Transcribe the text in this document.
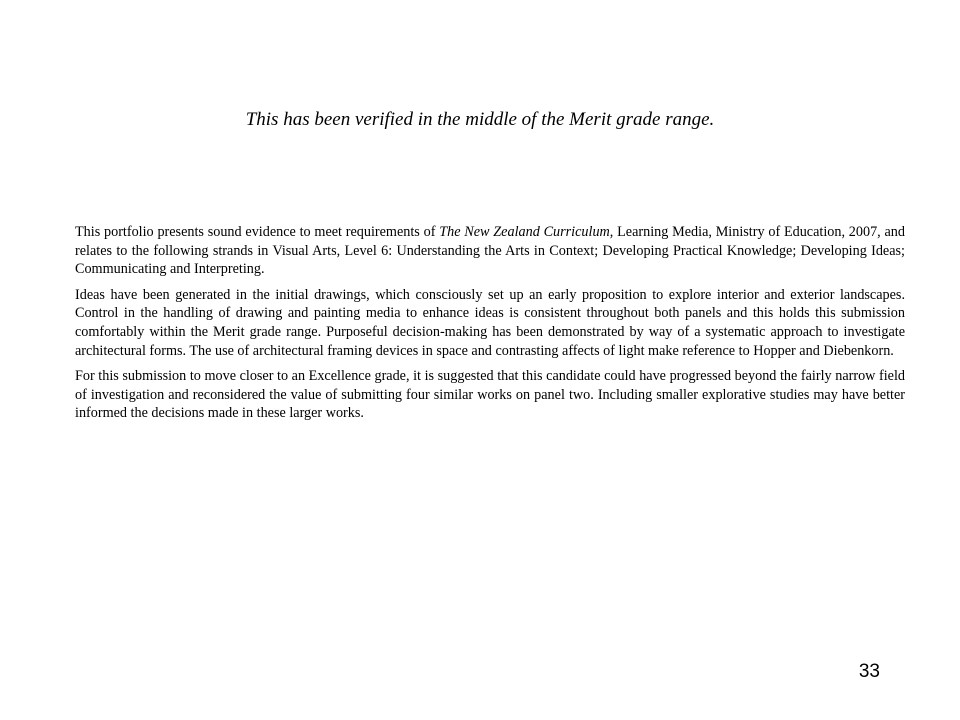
This has been verified in the middle of the Merit grade range.

This portfolio presents sound evidence to meet requirements of The New Zealand Curriculum, Learning Media, Ministry of Education, 2007, and relates to the following strands in Visual Arts, Level 6: Understanding the Arts in Context; Developing Practical Knowledge; Developing Ideas; Communicating and Interpreting.

Ideas have been generated in the initial drawings, which consciously set up an early proposition to explore interior and exterior landscapes. Control in the handling of drawing and painting media to enhance ideas is consistent throughout both panels and this holds this submission comfortably within the Merit grade range. Purposeful decision-making has been demonstrated by way of a systematic approach to investigate architectural forms. The use of architectural framing devices in space and contrasting affects of light make reference to Hopper and Diebenkorn.

For this submission to move closer to an Excellence grade, it is suggested that this candidate could have progressed beyond the fairly narrow field of investigation and reconsidered the value of submitting four similar works on panel two. Including smaller explorative studies may have better informed the decisions made in these larger works.

33
